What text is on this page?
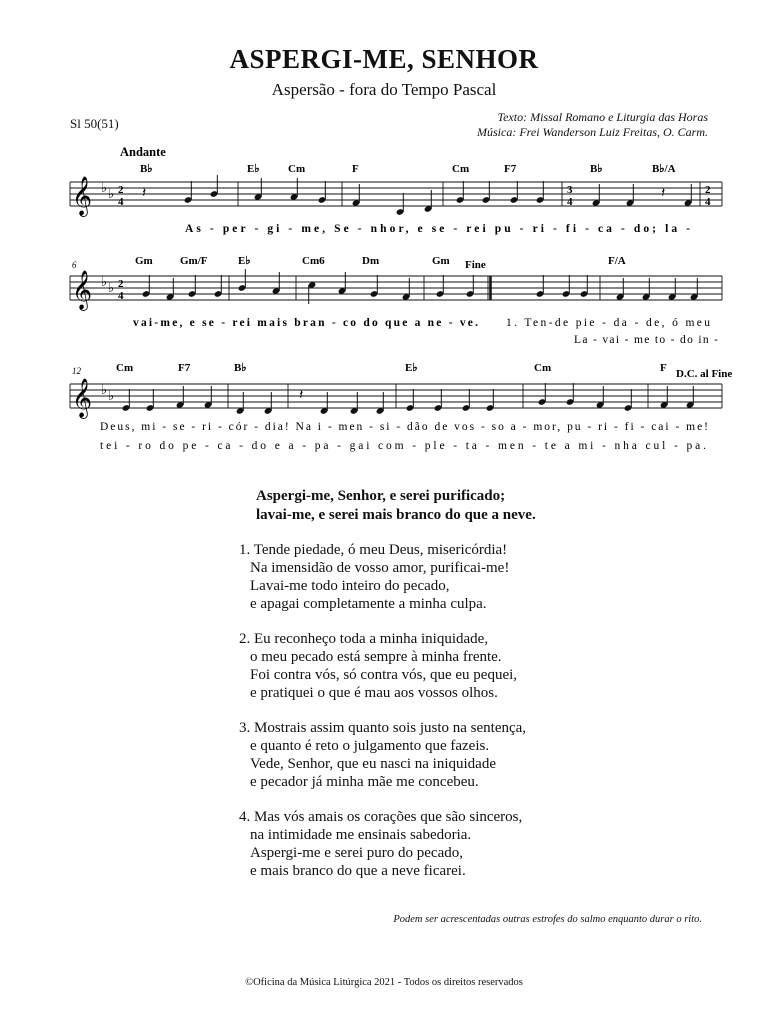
ASPERGI-ME, SENHOR
Aspersão - fora do Tempo Pascal
Sl 50(51)	Texto: Missal Romano e Liturgia das Horas
Música: Frei Wanderson Luiz Freitas, O. Carm.
Andante
6
12
Fine
D.C. al Fine
B♭	E♭	Cm	F	Cm	F7	B♭	B♭/A
Gm Gm/F	E♭	Cm6	Dm	Gm	F/A
Cm	F7	B♭	E♭	Cm	F
𝄞 ♭ ♭ 2
4
3
4
2
4
𝄽	𝄽
As - per - gi - me, Se - nhor, e se - rei pu - ri - fi - ca - do; la -
𝄞 ♭ ♭ 2
4
vai-me, e se - rei mais bran - co do que a ne - ve. 1. Ten-de pie - da - de, ó meu
La - vai - me to - do in -
𝄞 ♭ ♭	𝄽
Deus, mi - se - ri - cór - dia! Na i - men - si - dão de vos - so a - mor, pu - ri - fi - cai - me!
tei - ro do pe - ca - do e a - pa - gai com - ple - ta - men - te a mi - nha cul - pa.
Aspergi-me, Senhor, e serei purificado;
lavai-me, e serei mais branco do que a neve.
1. Tende piedade, ó meu Deus, misericórdia!
Na imensidão de vosso amor, purificai-me!
Lavai-me todo inteiro do pecado,
e apagai completamente a minha culpa.
2. Eu reconheço toda a minha iniquidade,
o meu pecado está sempre à minha frente.
Foi contra vós, só contra vós, que eu pequei,
e pratiquei o que é mau aos vossos olhos.
3. Mostrais assim quanto sois justo na sentença,
e quanto é reto o julgamento que fazeis.
Vede, Senhor, que eu nasci na iniquidade
e pecador já minha mãe me concebeu.
4. Mas vós amais os corações que são sinceros,
na intimidade me ensinais sabedoria.
Aspergi-me e serei puro do pecado,
e mais branco do que a neve ficarei.
Podem ser acrescentadas outras estrofes do salmo enquanto durar o rito.
©Oficina da Música Litúrgica 2021 - Todos os direitos reservados
